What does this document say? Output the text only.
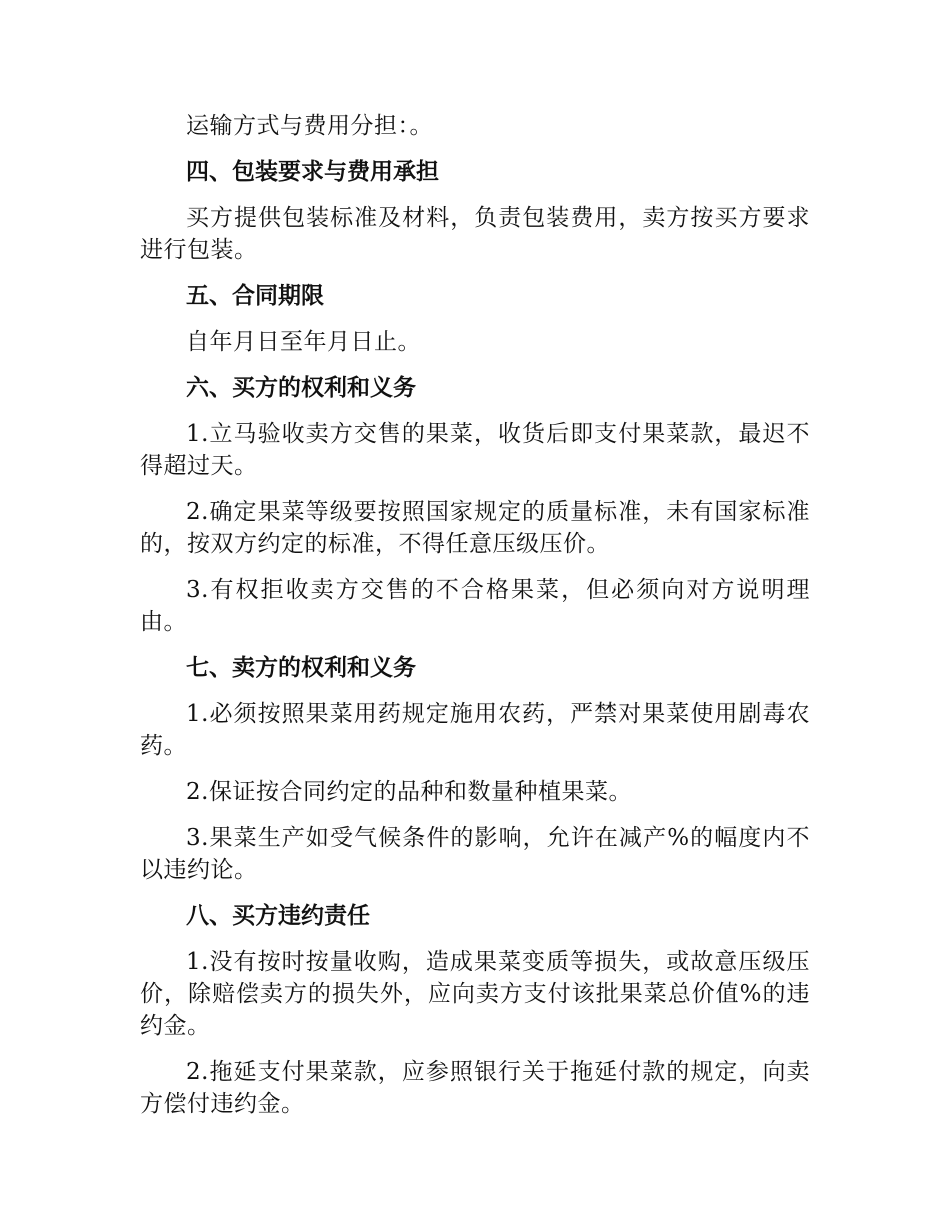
运输方式与费用分担：。

四、包装要求与费用承担

买方提供包装标准及材料，负责包装费用，卖方按买方要求进行包装。

五、合同期限

自年月日至年月日止。

六、买方的权利和义务

1.立马验收卖方交售的果菜，收货后即支付果菜款，最迟不得超过天。

2.确定果菜等级要按照国家规定的质量标准，未有国家标准的，按双方约定的标准，不得任意压级压价。

3.有权拒收卖方交售的不合格果菜，但必须向对方说明理由。

七、卖方的权利和义务

1.必须按照果菜用药规定施用农药，严禁对果菜使用剧毒农药。

2.保证按合同约定的品种和数量种植果菜。

3.果菜生产如受气候条件的影响，允许在减产%的幅度内不以违约论。

八、买方违约责任

1.没有按时按量收购，造成果菜变质等损失，或故意压级压价，除赔偿卖方的损失外，应向卖方支付该批果菜总价值%的违约金。

2.拖延支付果菜款，应参照银行关于拖延付款的规定，向卖方偿付违约金。
